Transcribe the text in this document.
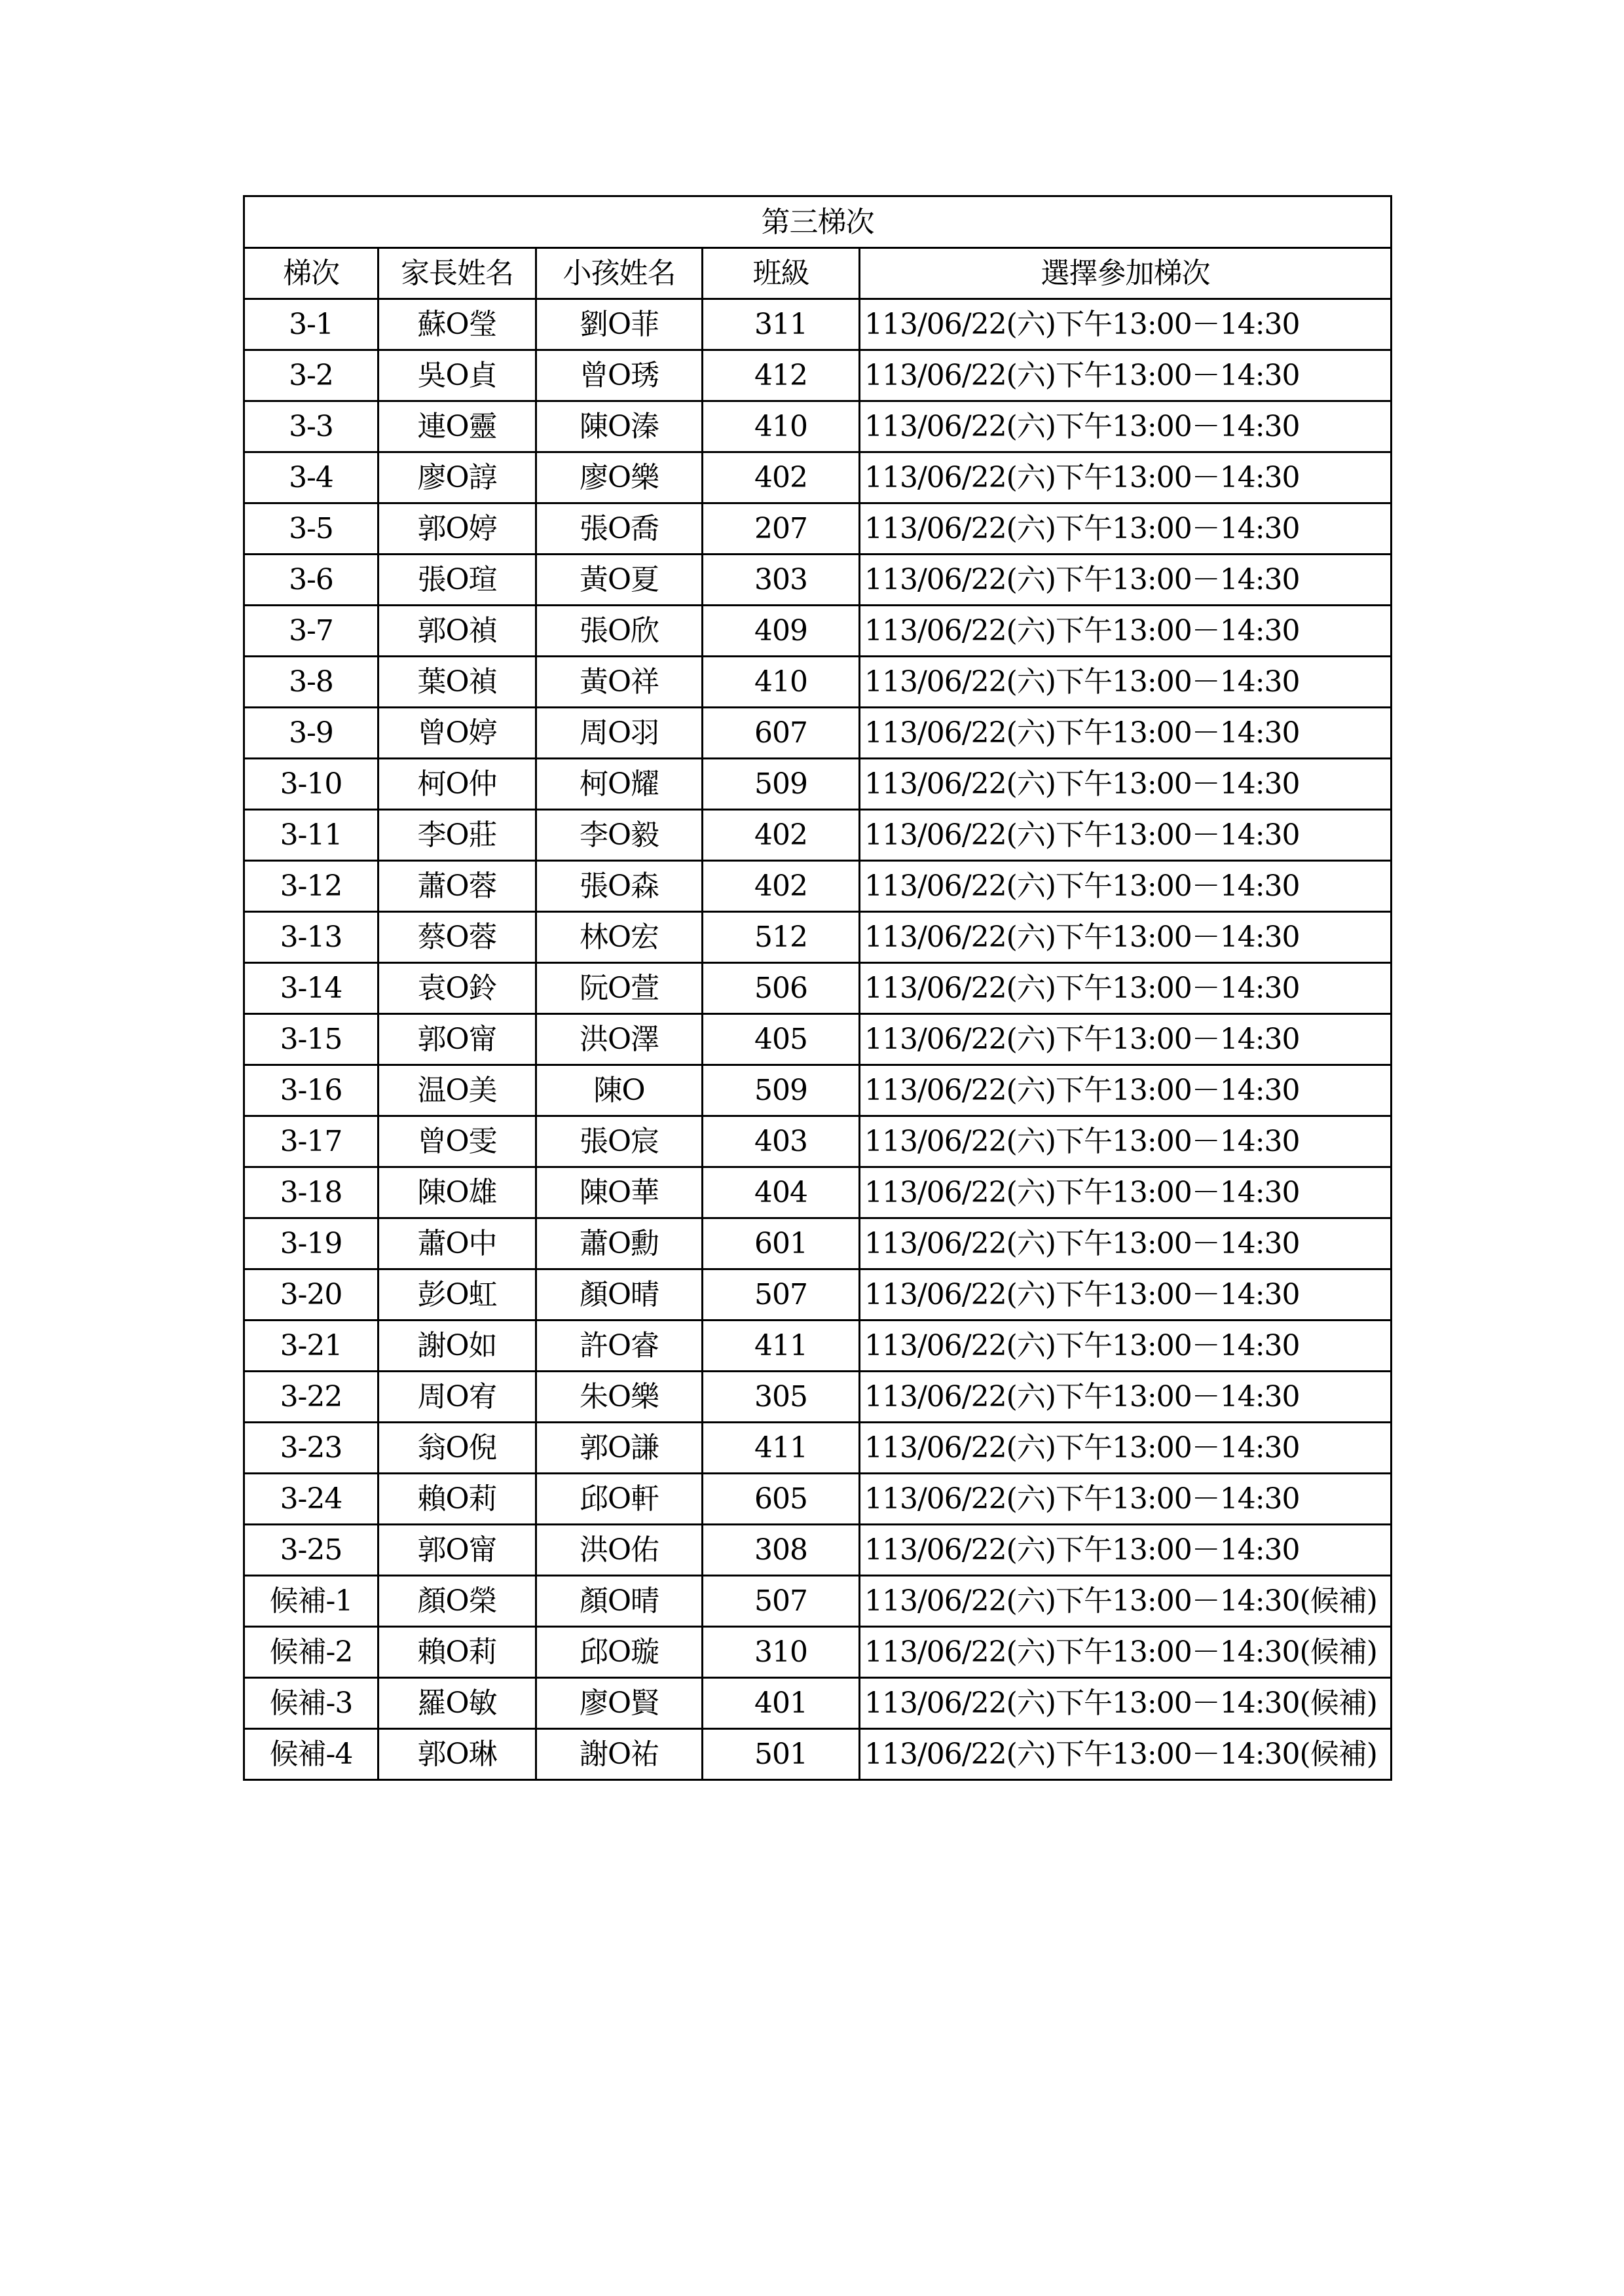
第三梯次				
梯次	家長姓名	小孩姓名	班級	選擇參加梯次
3-1	蘇O瑩	劉O菲	311	113/06/22(六)下午13:00－14:30
3-2	吳O貞	曾O琇	412	113/06/22(六)下午13:00－14:30
3-3	連O靈	陳O溱	410	113/06/22(六)下午13:00－14:30
3-4	廖O諄	廖O樂	402	113/06/22(六)下午13:00－14:30
3-5	郭O婷	張O喬	207	113/06/22(六)下午13:00－14:30
3-6	張O瑄	黃O夏	303	113/06/22(六)下午13:00－14:30
3-7	郭O禎	張O欣	409	113/06/22(六)下午13:00－14:30
3-8	葉O禎	黃O祥	410	113/06/22(六)下午13:00－14:30
3-9	曾O婷	周O羽	607	113/06/22(六)下午13:00－14:30
3-10	柯O仲	柯O耀	509	113/06/22(六)下午13:00－14:30
3-11	李O莊	李O毅	402	113/06/22(六)下午13:00－14:30
3-12	蕭O蓉	張O森	402	113/06/22(六)下午13:00－14:30
3-13	蔡O蓉	林O宏	512	113/06/22(六)下午13:00－14:30
3-14	袁O鈴	阮O萱	506	113/06/22(六)下午13:00－14:30
3-15	郭O甯	洪O澤	405	113/06/22(六)下午13:00－14:30
3-16	温O美	陳O	509	113/06/22(六)下午13:00－14:30
3-17	曾O雯	張O宸	403	113/06/22(六)下午13:00－14:30
3-18	陳O雄	陳O華	404	113/06/22(六)下午13:00－14:30
3-19	蕭O中	蕭O勳	601	113/06/22(六)下午13:00－14:30
3-20	彭O虹	顏O晴	507	113/06/22(六)下午13:00－14:30
3-21	謝O如	許O睿	411	113/06/22(六)下午13:00－14:30
3-22	周O宥	朱O樂	305	113/06/22(六)下午13:00－14:30
3-23	翁O倪	郭O謙	411	113/06/22(六)下午13:00－14:30
3-24	賴O莉	邱O軒	605	113/06/22(六)下午13:00－14:30
3-25	郭O甯	洪O佑	308	113/06/22(六)下午13:00－14:30
候補-1	顏O榮	顏O晴	507	113/06/22(六)下午13:00－14:30(候補)
候補-2	賴O莉	邱O璇	310	113/06/22(六)下午13:00－14:30(候補)
候補-3	羅O敏	廖O賢	401	113/06/22(六)下午13:00－14:30(候補)
候補-4	郭O琳	謝O祐	501	113/06/22(六)下午13:00－14:30(候補)
